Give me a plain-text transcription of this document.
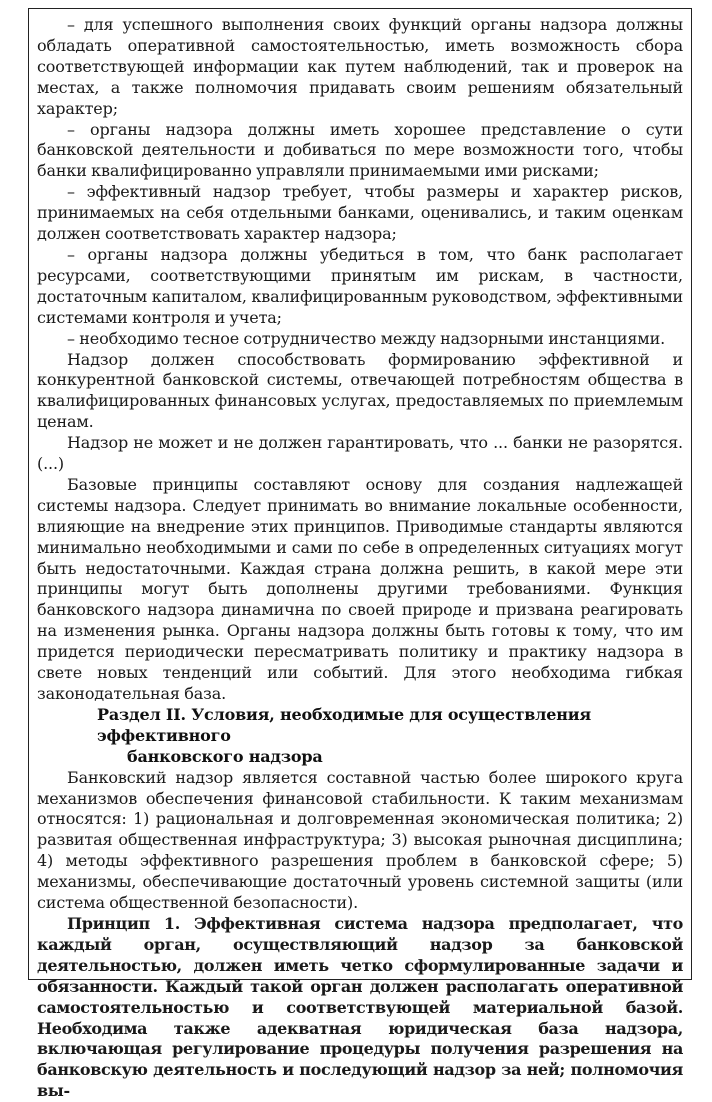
– для успешного выполнения своих функций органы надзора должны обладать оперативной самостоятельностью, иметь возможность сбора соответствующей информации как путем наблюдений, так и проверок на местах, а также полномочия придавать своим решениям обязательный характер;

– органы надзора должны иметь хорошее представление о сути банковской деятельности и добиваться по мере возможности того, чтобы банки квалифицированно управляли принимаемыми ими рисками;

– эффективный надзор требует, чтобы размеры и характер рисков, принимаемых на себя отдельными банками, оценивались, и таким оценкам должен соответствовать характер надзора;

– органы надзора должны убедиться в том, что банк располагает ресурсами, соответствующими принятым им рискам, в частности, достаточным капиталом, квалифицированным руководством, эффективными системами контроля и учета;

– необходимо тесное сотрудничество между надзорными инстанциями.

Надзор должен способствовать формированию эффективной и конкурентной банковской системы, отвечающей потребностям общества в квалифицированных финансовых услугах, предоставляемых по приемлемым ценам.

Надзор не может и не должен гарантировать, что ... банки не разорятся. (...)

Базовые принципы составляют основу для создания надлежащей системы надзора. Следует принимать во внимание локальные особенности, влияющие на внедрение этих принципов. Приводимые стандарты являются минимально необходимыми и сами по себе в определенных ситуациях могут быть недостаточными. Каждая страна должна решить, в какой мере эти принципы могут быть дополнены другими требованиями. Функция банковского надзора динамична по своей природе и призвана реагировать на изменения рынка. Органы надзора должны быть готовы к тому, что им придется периодически пересматривать политику и практику надзора в свете новых тенденций или событий. Для этого необходима гибкая законодательная база.

Раздел II. Условия, необходимые для осуществления эффективного
банковского надзора

Банковский надзор является составной частью более широкого круга механизмов обеспечения финансовой стабильности. К таким механизмам относятся: 1) рациональная и долговременная экономическая политика; 2) развитая общественная инфраструктура; 3) высокая рыночная дисциплина; 4) методы эффективного разрешения проблем в банковской сфере; 5) механизмы, обеспечивающие достаточный уровень системной защиты (или система общественной безопасности).

Принцип 1. Эффективная система надзора предполагает, что каждый орган, осуществляющий надзор за банковской деятельностью, должен иметь четко сформулированные задачи и обязанности. Каждый такой орган должен располагать оперативной самостоятельностью и соответствующей материальной базой. Необходима также адекватная юридическая база надзора, включающая регулирование процедуры получения разрешения на банковскую деятельность и последующий надзор за ней; полномочия вы-
